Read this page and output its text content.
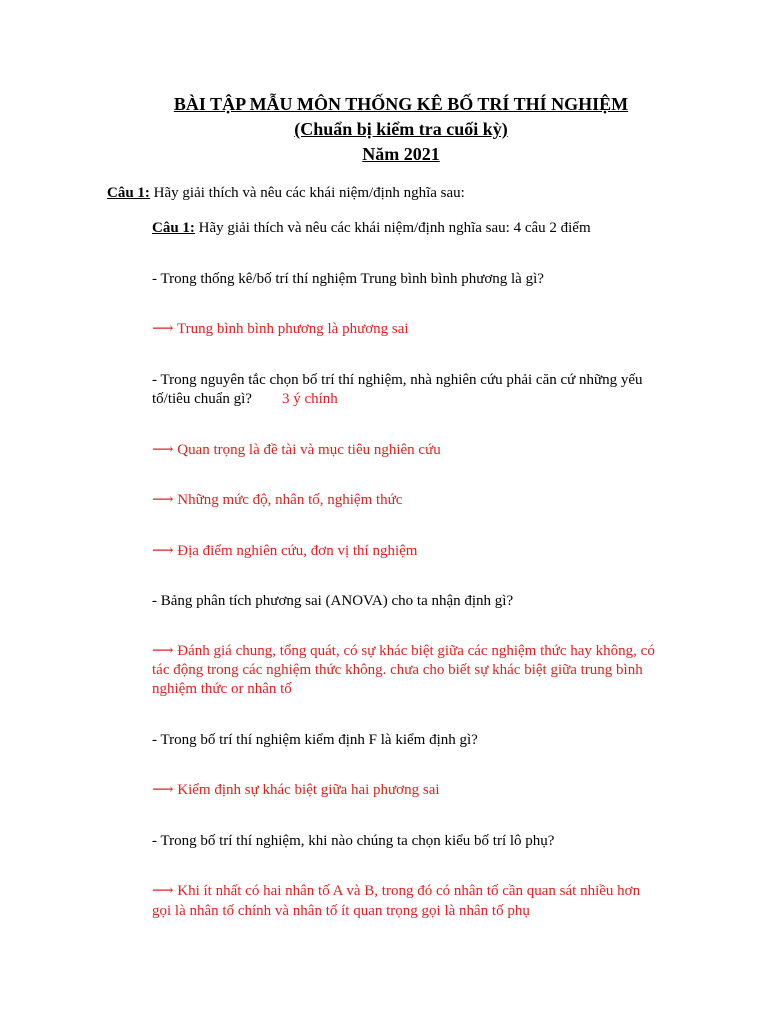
BÀI TẬP MẪU MÔN THỐNG KÊ BỐ TRÍ THÍ NGHIỆM
(Chuẩn bị kiểm tra cuối kỳ)
Năm 2021
Câu 1: Hãy giải thích và nêu các khái niệm/định nghĩa sau:
Câu 1: Hãy giải thích và nêu các khái niệm/định nghĩa sau: 4 câu 2 điểm
- Trong thống kê/bố trí thí nghiệm Trung bình bình phương là gì?
⟶ Trung bình bình phương là phương sai
- Trong nguyên tắc chọn bố trí thí nghiệm, nhà nghiên cứu phải căn cứ những yếu
tố/tiêu chuẩn gì? 3 ý chính
⟶ Quan trọng là đề tài và mục tiêu nghiên cứu
⟶ Những mức độ, nhân tố, nghiệm thức
⟶ Địa điểm nghiên cứu, đơn vị thí nghiệm
- Bảng phân tích phương sai (ANOVA) cho ta nhận định gì?
⟶ Đánh giá chung, tổng quát, có sự khác biệt giữa các nghiệm thức hay không, có
tác động trong các nghiệm thức không. chưa cho biết sự khác biệt giữa trung bình
nghiệm thức or nhân tố
- Trong bố trí thí nghiệm kiểm định F là kiểm định gì?
⟶ Kiểm định sự khác biệt giữa hai phương sai
- Trong bố trí thí nghiệm, khi nào chúng ta chọn kiểu bố trí lô phụ?
⟶ Khi ít nhất có hai nhân tố A và B, trong đó có nhân tố cần quan sát nhiều hơn
gọi là nhân tố chính và nhân tố ít quan trọng gọi là nhân tố phụ
